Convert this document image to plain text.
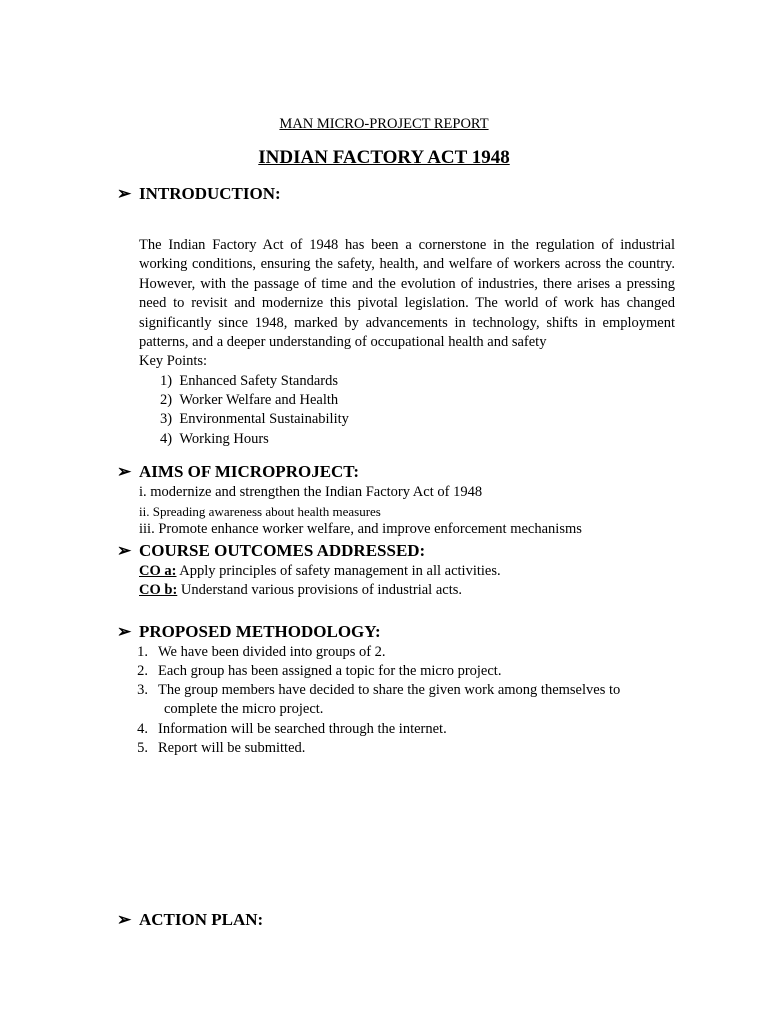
MAN MICRO-PROJECT REPORT
INDIAN FACTORY ACT 1948
➢ INTRODUCTION:
The Indian Factory Act of 1948 has been a cornerstone in the regulation of industrial working conditions, ensuring the safety, health, and welfare of workers across the country. However, with the passage of time and the evolution of industries, there arises a pressing need to revisit and modernize this pivotal legislation. The world of work has changed significantly since 1948, marked by advancements in technology, shifts in employment patterns, and a deeper understanding of occupational health and safety
Key Points:
1) Enhanced Safety Standards
2) Worker Welfare and Health
3) Environmental Sustainability
4) Working Hours
➢ AIMS OF MICROPROJECT:
i. modernize and strengthen the Indian Factory Act of 1948
ii. Spreading awareness about health measures
iii. Promote enhance worker welfare, and improve enforcement mechanisms
➢ COURSE OUTCOMES ADDRESSED:
CO a: Apply principles of safety management in all activities.
CO b: Understand various provisions of industrial acts.
➢ PROPOSED METHODOLOGY:
1. We have been divided into groups of 2.
2. Each group has been assigned a topic for the micro project.
3. The group members have decided to share the given work among themselves to
complete the micro project.
4. Information will be searched through the internet.
5. Report will be submitted.
➢ ACTION PLAN:
